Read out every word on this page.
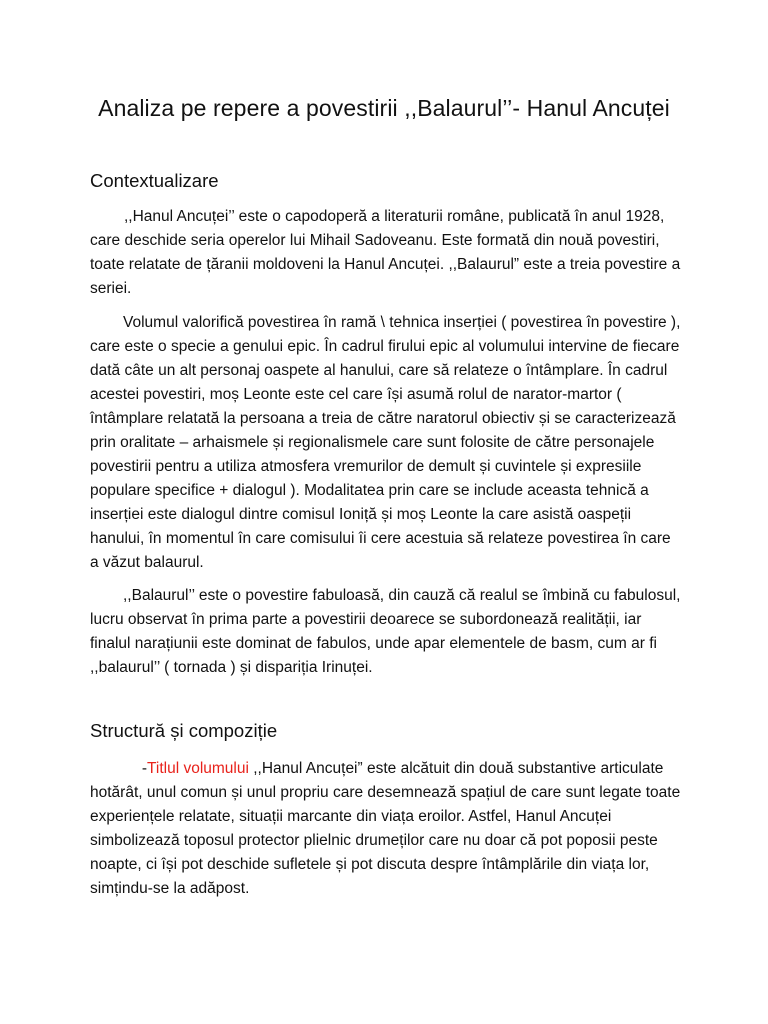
Analiza pe repere a povestirii ,,Balaurul’’- Hanul Ancuței
Contextualizare

,,Hanul Ancuței’’ este o capodoperă a literaturii române, publicată în anul 1928, care deschide seria operelor lui Mihail Sadoveanu. Este formată din nouă povestiri, toate relatate de țăranii moldoveni la Hanul Ancuței. ,,Balaurul” este a treia povestire a seriei.

Volumul valorifică povestirea în ramă \ tehnica inserției ( povestirea în povestire ), care este o specie a genului epic. În cadrul firului epic al volumului intervine de fiecare dată câte un alt personaj oaspete al hanului, care să relateze o întâmplare. În cadrul acestei povestiri, moș Leonte este cel care își asumă rolul de narator-martor ( întâmplare relatată la persoana a treia de către naratorul obiectiv și se caracterizează prin oralitate – arhaismele și regionalismele care sunt folosite de către personajele povestirii pentru a utiliza atmosfera vremurilor de demult și cuvintele și expresiile populare specifice + dialogul ). Modalitatea prin care se include aceasta tehnică a inserției este dialogul dintre comisul Ioniță și moș Leonte la care asistă oaspeții hanului, în momentul în care comisului îi cere acestuia să relateze povestirea în care a văzut balaurul.

,,Balaurul’’ este o povestire fabuloasă, din cauză că realul se îmbină cu fabulosul, lucru observat în prima parte a povestirii deoarece se subordonează realității, iar finalul narațiunii este dominat de fabulos, unde apar elementele de basm, cum ar fi ,,balaurul’’ ( tornada ) și dispariția Irinuței.

Structură și compoziție

-Titlul volumului ,,Hanul Ancuței” este alcătuit din două substantive articulate hotărât, unul comun și unul propriu care desemnează spațiul de care sunt legate toate experiențele relatate, situații marcante din viața eroilor. Astfel, Hanul Ancuței simbolizează toposul protector plielnic drumeților care nu doar că pot poposii peste noapte, ci își pot deschide sufletele și pot discuta despre întâmplările din viața lor, simțindu-se la adăpost.
